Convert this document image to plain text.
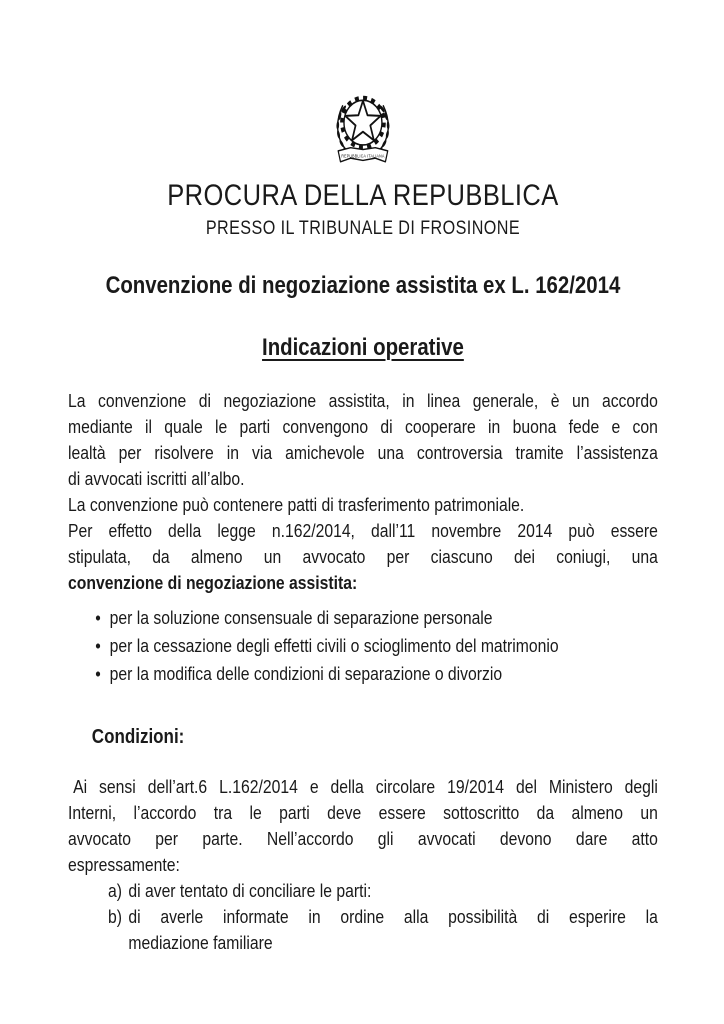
REPUBBLICA ITALIANA
PROCURA DELLA REPUBBLICA
PRESSO IL TRIBUNALE DI FROSINONE
Convenzione di negoziazione assistita ex L. 162/2014
Indicazioni operative
La convenzione di negoziazione assistita, in linea generale, è un accordo
mediante il quale le parti convengono di cooperare in buona fede e con
lealtà per risolvere in via amichevole una controversia tramite l’assistenza
di avvocati iscritti all’albo.
La convenzione può contenere patti di trasferimento patrimoniale.
Per effetto della legge n.162/2014, dall’11 novembre 2014 può essere
stipulata, da almeno un avvocato per ciascuno dei coniugi, una
convenzione di negoziazione assistita:
• per la soluzione consensuale di separazione personale
• per la cessazione degli effetti civili o scioglimento del matrimonio
• per la modifica delle condizioni di separazione o divorzio
Condizioni:
Ai sensi dell’art.6 L.162/2014 e della circolare 19/2014 del Ministero degli
Interni, l’accordo tra le parti deve essere sottoscritto da almeno un
avvocato per parte. Nell’accordo gli avvocati devono dare atto
espressamente:
a) di aver tentato di conciliare le parti:
b) di averle informate in ordine alla possibilità di esperire la
mediazione familiare
